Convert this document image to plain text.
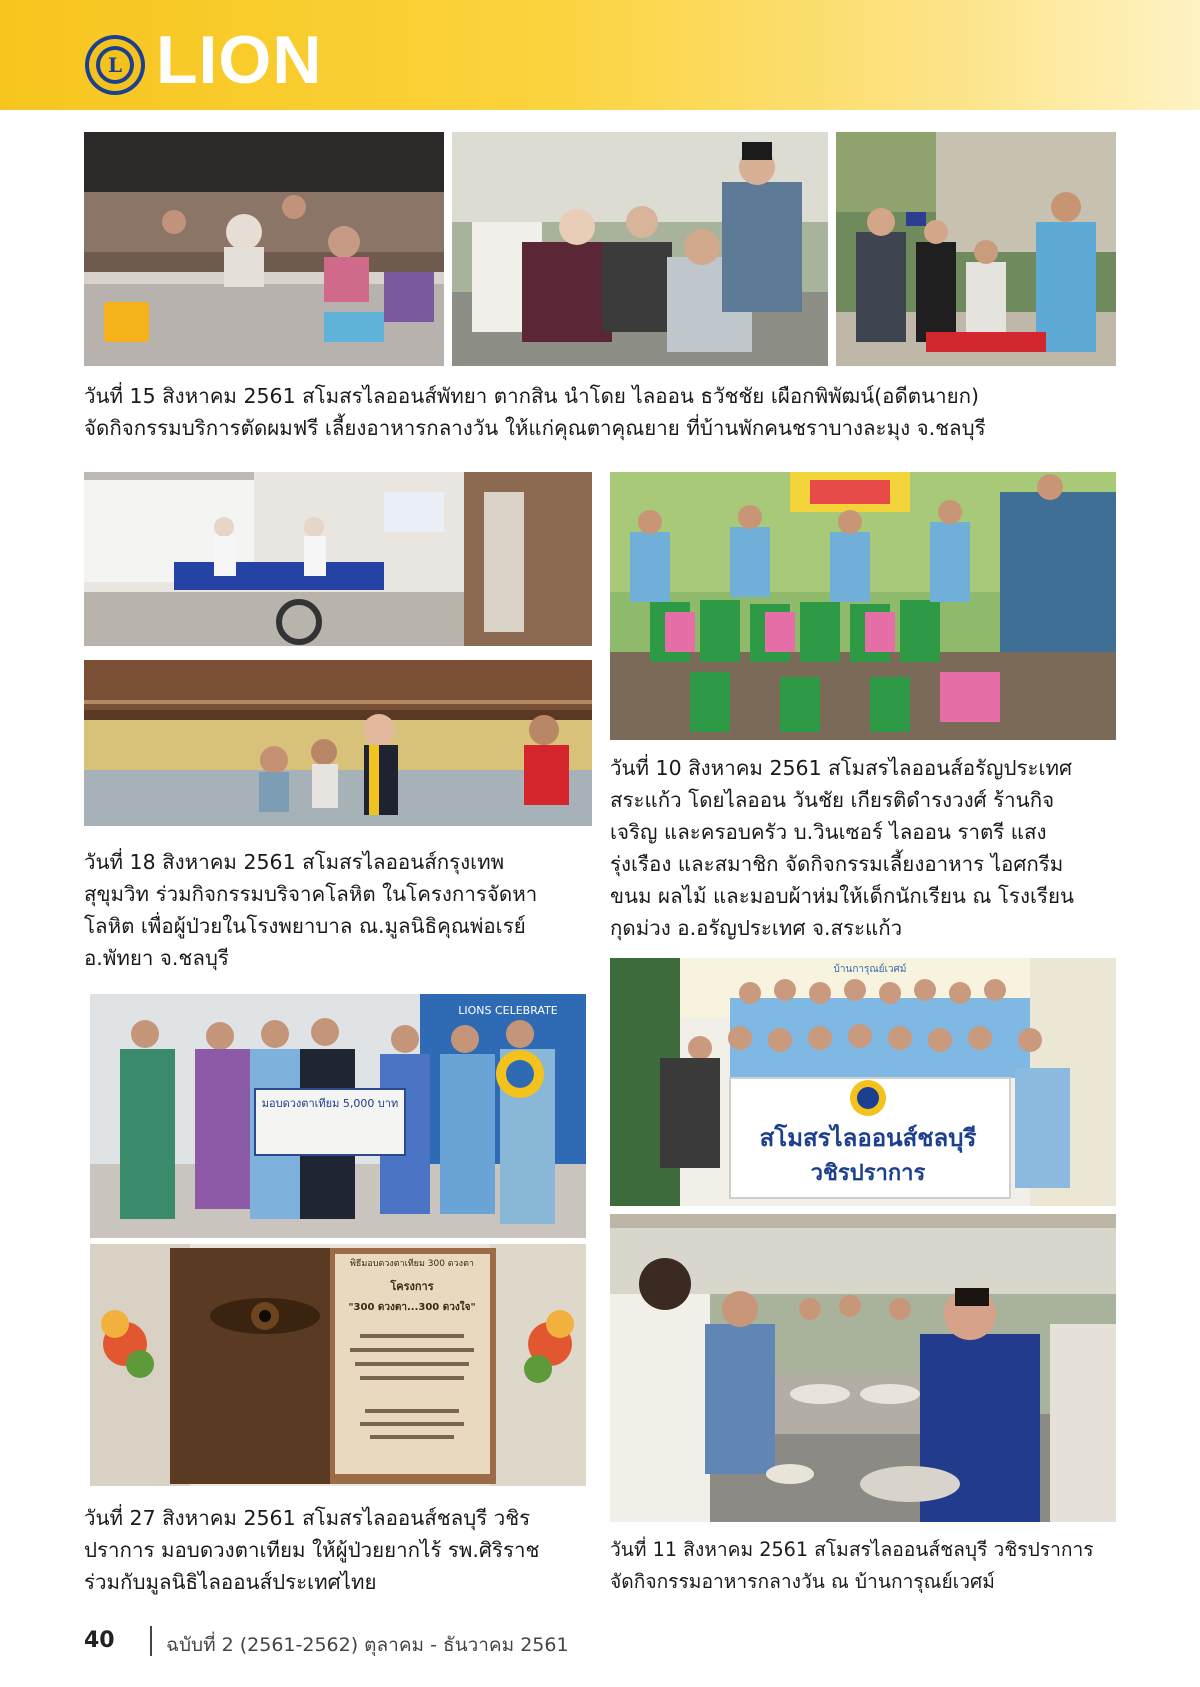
L LION
วันที่ 15 สิงหาคม 2561 สโมสรไลออนส์พัทยา ตากสิน นำโดย ไลออน ธวัชชัย เผือกพิพัฒน์(อดีตนายก)
จัดกิจกรรมบริการตัดผมฟรี เลี้ยงอาหารกลางวัน ให้แก่คุณตาคุณยาย ที่บ้านพักคนชราบางละมุง จ.ชลบุรี
วันที่ 18 สิงหาคม 2561 สโมสรไลออนส์กรุงเทพ
สุขุมวิท ร่วมกิจกรรมบริจาคโลหิต ในโครงการจัดหา
โลหิต เพื่อผู้ป่วยในโรงพยาบาล ณ.มูลนิธิคุณพ่อเรย์
อ.พัทยา จ.ชลบุรี
วันที่ 10 สิงหาคม 2561 สโมสรไลออนส์อรัญประเทศ
สระแก้ว โดยไลออน วันชัย เกียรติดำรงวงศ์ ร้านกิจ
เจริญ และครอบครัว บ.วินเซอร์ ไลออน ราตรี แสง
รุ่งเรือง และสมาชิก จัดกิจกรรมเลี้ยงอาหาร ไอศกรีม
ขนม ผลไม้ และมอบผ้าห่มให้เด็กนักเรียน ณ โรงเรียน
กุดม่วง อ.อรัญประเทศ จ.สระแก้ว
มอบดวงตาเทียม 5,000 บาท
LIONS CELEBRATE
พิธีมอบดวงตาเทียม 300 ดวงตา
โครงการ
"300 ดวงตา...300 ดวงใจ"
วันที่ 27 สิงหาคม 2561 สโมสรไลออนส์ชลบุรี วชิร
ปราการ มอบดวงตาเทียม ให้ผู้ป่วยยากไร้ รพ.ศิริราช
ร่วมกับมูลนิธิไลออนส์ประเทศไทย
บ้านการุณย์เวศม์
สโมสรไลออนส์ชลบุรี
วชิรปราการ
วันที่ 11 สิงหาคม 2561 สโมสรไลออนส์ชลบุรี วชิรปราการ
จัดกิจกรรมอาหารกลางวัน ณ บ้านการุณย์เวศม์
40	ฉบับที่ 2 (2561-2562) ตุลาคม - ธันวาคม 2561
